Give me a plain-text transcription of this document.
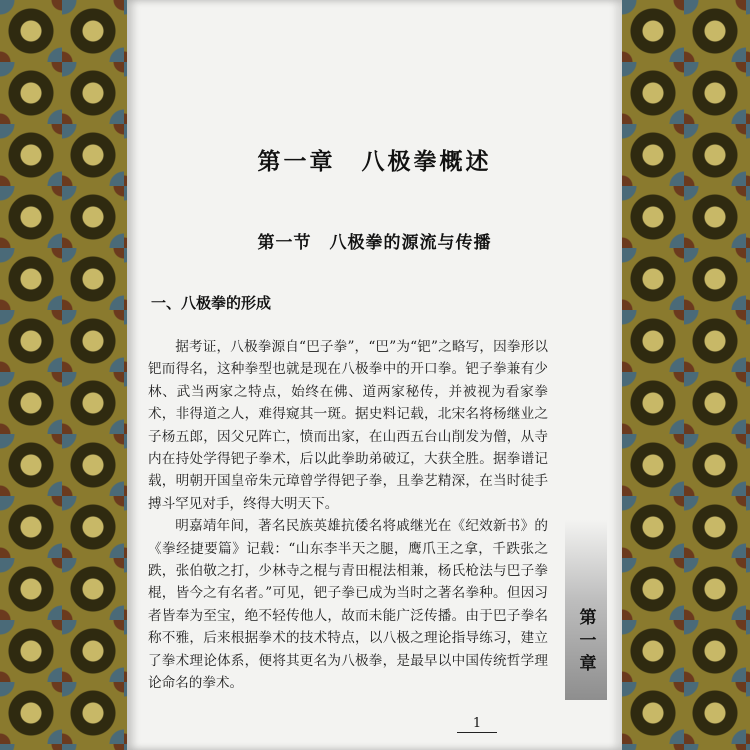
第一章　八极拳概述
第一节　八极拳的源流与传播
一、八极拳的形成

据考证，八极拳源自“巴子拳”，“巴”为“钯”之略写，因拳形以钯而得名，这种拳型也就是现在八极拳中的开口拳。钯子拳兼有少林、武当两家之特点，始终在佛、道两家秘传，并被视为看家拳术，非得道之人，难得窥其一斑。据史料记载，北宋名将杨继业之子杨五郎，因父兄阵亡，愤而出家，在山西五台山削发为僧，从寺内在持处学得钯子拳术，后以此拳助弟破辽，大获全胜。据拳谱记载，明朝开国皇帝朱元璋曾学得钯子拳，且拳艺精深，在当时徒手搏斗罕见对手，终得大明天下。

明嘉靖年间，著名民族英雄抗倭名将戚继光在《纪效新书》的《拳经捷要篇》记载：“山东李半天之腿，鹰爪王之拿，千跌张之跌，张伯敬之打，少林寺之棍与青田棍法相兼，杨氏枪法与巴子拳棍，皆今之有名者。”可见，钯子拳已成为当时之著名拳种。但因习者皆奉为至宝，绝不轻传他人，故而未能广泛传播。由于巴子拳名称不雅，后来根据拳术的技术特点，以八极之理论指导练习，建立了拳术理论体系，便将其更名为八极拳，是最早以中国传统哲学理论命名的拳术。

1
第一章
